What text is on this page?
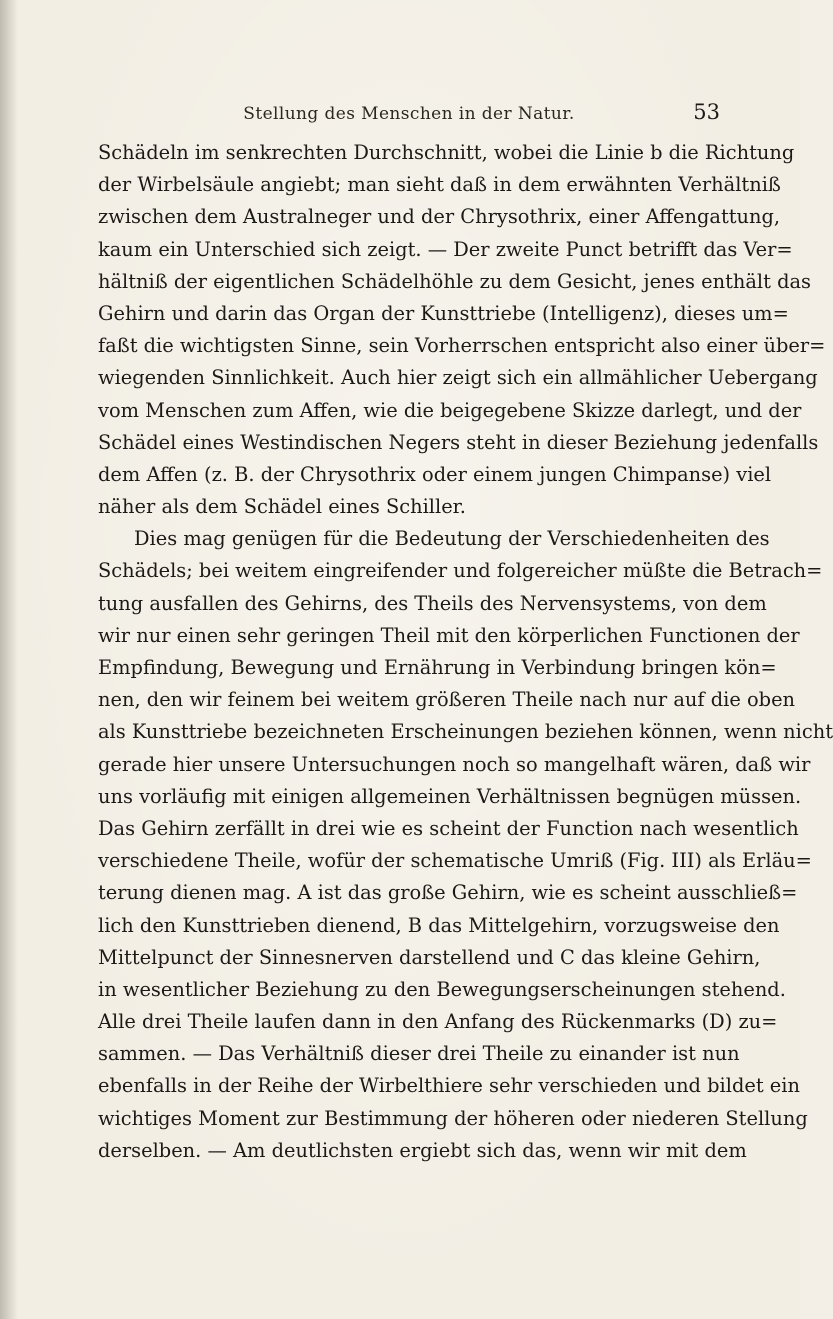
Stellung des Menschen in der Natur.	53
Schädeln im senkrechten Durchschnitt, wobei die Linie b die Richtung
der Wirbelsäule angiebt; man sieht daß in dem erwähnten Verhältniß
zwischen dem Australneger und der Chrysothrix, einer Affengattung,
kaum ein Unterschied sich zeigt. — Der zweite Punct betrifft das Ver=
hältniß der eigentlichen Schädelhöhle zu dem Gesicht, jenes enthält das
Gehirn und darin das Organ der Kunsttriebe (Intelligenz), dieses um=
faßt die wichtigsten Sinne, sein Vorherrschen entspricht also einer über=
wiegenden Sinnlichkeit. Auch hier zeigt sich ein allmählicher Uebergang
vom Menschen zum Affen, wie die beigegebene Skizze darlegt, und der
Schädel eines Westindischen Negers steht in dieser Beziehung jedenfalls
dem Affen (z. B. der Chrysothrix oder einem jungen Chimpanse) viel
näher als dem Schädel eines Schiller.
Dies mag genügen für die Bedeutung der Verschiedenheiten des
Schädels; bei weitem eingreifender und folgereicher müßte die Betrach=
tung ausfallen des Gehirns, des Theils des Nervensystems, von dem
wir nur einen sehr geringen Theil mit den körperlichen Functionen der
Empfindung, Bewegung und Ernährung in Verbindung bringen kön=
nen, den wir feinem bei weitem größeren Theile nach nur auf die oben
als Kunsttriebe bezeichneten Erscheinungen beziehen können, wenn nicht
gerade hier unsere Untersuchungen noch so mangelhaft wären, daß wir
uns vorläufig mit einigen allgemeinen Verhältnissen begnügen müssen.
Das Gehirn zerfällt in drei wie es scheint der Function nach wesentlich
verschiedene Theile, wofür der schematische Umriß (Fig. III) als Erläu=
terung dienen mag. A ist das große Gehirn, wie es scheint ausschließ=
lich den Kunsttrieben dienend, B das Mittelgehirn, vorzugsweise den
Mittelpunct der Sinnesnerven darstellend und C das kleine Gehirn,
in wesentlicher Beziehung zu den Bewegungserscheinungen stehend.
Alle drei Theile laufen dann in den Anfang des Rückenmarks (D) zu=
sammen. — Das Verhältniß dieser drei Theile zu einander ist nun
ebenfalls in der Reihe der Wirbelthiere sehr verschieden und bildet ein
wichtiges Moment zur Bestimmung der höheren oder niederen Stellung
derselben. — Am deutlichsten ergiebt sich das, wenn wir mit dem
